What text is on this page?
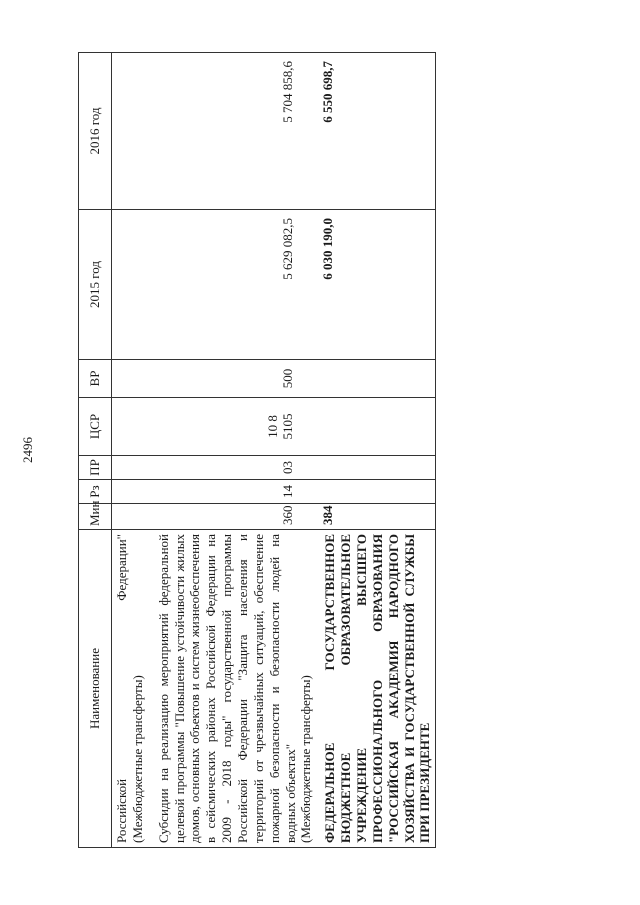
2496
Наименование	Мин	Рз	ПР	ЦСР	ВР	2015 год	2016 год

Российской Федерации" (Межбюджетные трансферты)							

Субсидии на реализацию мероприятий федеральной целевой программы "Повышение устойчивости жилых домов, основных объектов и систем жизнеобеспечения в сейсмических районах Российской Федерации на 2009 - 2018 годы" государственной программы Российской Федерации "Защита населения и территорий от чрезвычайных ситуаций, обеспечение пожарной безопасности и безопасности людей на водных объектах" (Межбюджетные трансферты)	360	14	03	10 8 5105	500	5 629 082,5	5 704 858,6
ФЕДЕРАЛЬНОЕ ГОСУДАРСТВЕННОЕ БЮДЖЕТНОЕ ОБРАЗОВАТЕЛЬНОЕ УЧРЕЖДЕНИЕ ВЫСШЕГО ПРОФЕССИОНАЛЬНОГО ОБРАЗОВАНИЯ "РОССИЙСКАЯ АКАДЕМИЯ НАРОДНОГО ХОЗЯЙСТВА И ГОСУДАРСТВЕННОЙ СЛУЖБЫ ПРИ ПРЕЗИДЕНТЕ	384					6 030 190,0	6 550 698,7
